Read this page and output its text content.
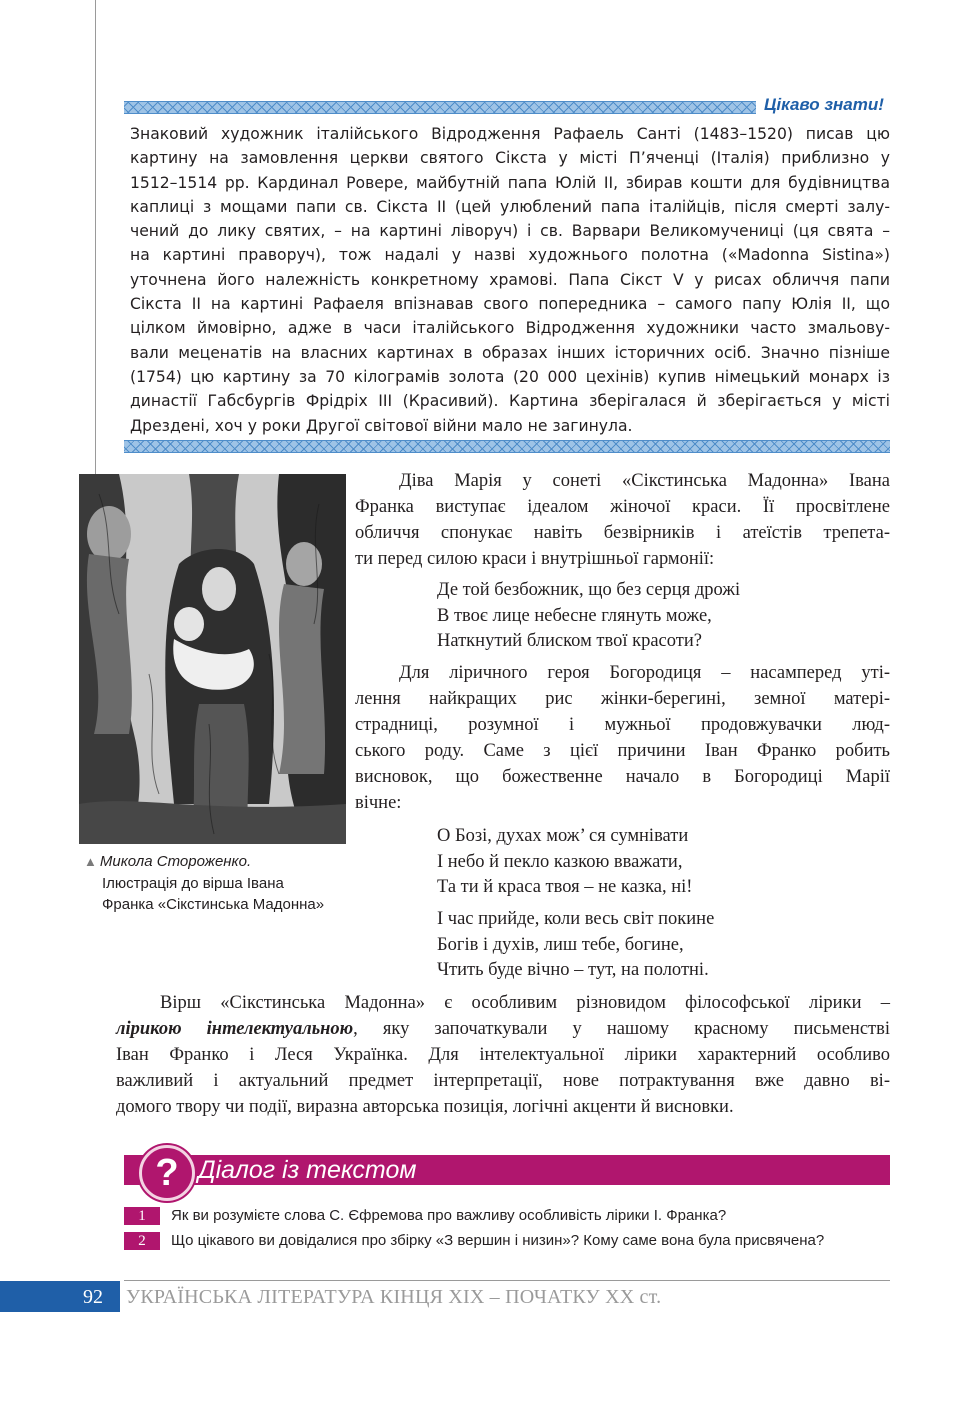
Цікаво знати!
Знаковий художник італійського Відродження Рафаель Санті (1483–1520) писав цю
картину на замовлення церкви святого Сікста у місті П’яченці (Італія) приблизно у
1512–1514 рр. Кардинал Ровере, майбутній папа Юлій ІІ, збирав кошти для будівництва
каплиці з мощами папи св. Сікста ІІ (цей улюблений папа італійців, після смерті залу-
чений до лику святих, – на картині ліворуч) і св. Варвари Великомучениці (ця свята –
на картині праворуч), тож надалі у назві художнього полотна («Madonna Sistina»)
уточнена його належність конкретному храмові. Папа Сікст V у рисах обличчя папи
Сікста ІІ на картині Рафаеля впізнавав свого попередника – самого папу Юлія ІІ, що
цілком ймовірно, адже в часи італійського Відродження художники часто змальову-
вали меценатів на власних картинах в образах інших історичних осіб. Значно пізніше
(1754) цю картину за 70 кілограмів золота (20 000 цехінів) купив німецький монарх із
династії Габсбургів Фрідріх ІІІ (Красивий). Картина зберігалася й зберігається у місті
Дрездені, хоч у роки Другої світової війни мало не загинула.
▲ Микола Стороженко.
Ілюстрація до вірша Івана
Франка «Сікстинська Мадонна»
Діва Марія у сонеті «Сікстинська Мадонна» Івана
Франка виступає ідеалом жіночої краси. Її просвітлене
обличчя спонукає навіть безвірників і атеїстів трепета-
ти перед силою краси і внутрішньої гармонії:
Де той безбожник, що без серця дрожі
В твоє лице небесне глянуть може,
Наткнутий блиском твої красоти?
Для ліричного героя Богородиця – насамперед уті-
лення найкращих рис жінки-берегині, земної матері-
страдниці, розумної і мужньої продовжувачки люд-
ського роду. Саме з цієї причини Іван Франко робить
висновок, що божественне начало в Богородиці Марії
вічне:
О Бозі, духах мож’ ся сумнівати
І небо й пекло казкою вважати,
Та ти й краса твоя – не казка, ні!
І час прийде, коли весь світ покине
Богів і духів, лиш тебе, богине,
Чтить буде вічно – тут, на полотні.
Вірш «Сікстинська Мадонна» є особливим різновидом філософської лірики –
лірикою інтелектуальною, яку започаткували у нашому красному письменстві
Іван Франко і Леся Українка. Для інтелектуальної лірики характерний особливо
важливий і актуальний предмет інтерпретації, нове потрактування вже давно ві-
домого твору чи події, виразна авторська позиція, логічні акценти й висновки.
? Діалог із текстом
1	Як ви розумієте слова С. Єфремова про важливу особливість лірики І. Франка?
2	Що цікавого ви довідалися про збірку «З вершин і низин»? Кому саме вона була присвячена?
92 УКРАЇНСЬКА ЛІТЕРАТУРА КІНЦЯ ХІХ – ПОЧАТКУ ХХ ст.
